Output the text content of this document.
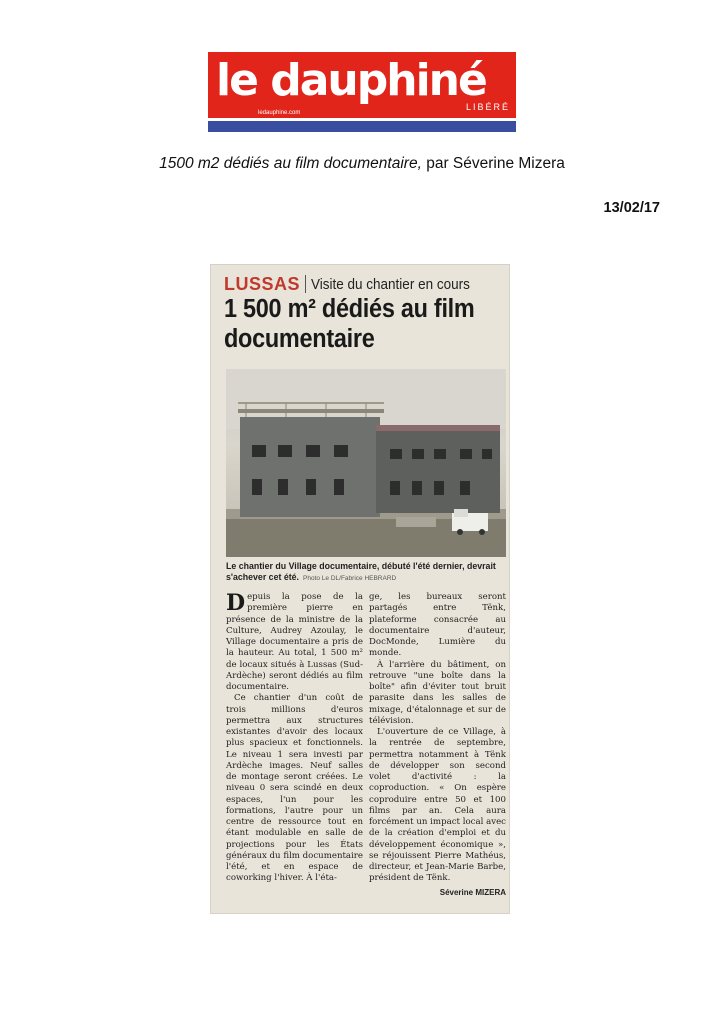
le dauphiné
LIBÉRÉ
ledauphine.com

1500 m2 dédiés au film documentaire, par Séverine Mizera

13/02/17
LUSSAS Visite du chantier en cours
1 500 m² dédiés au film documentaire

Le chantier du Village documentaire, débuté l'été dernier, devrait s'achever cet été. Photo Le DL/Fabrice HEBRARD

Depuis la pose de la première pierre en présence de la ministre de la Culture, Audrey Azoulay, le Village documentaire a pris de la hauteur. Au total, 1 500 m² de locaux situés à Lussas (Sud-Ardèche) seront dédiés au film documentaire.

Ce chantier d'un coût de trois millions d'euros permettra aux structures existantes d'avoir des locaux plus spacieux et fonctionnels. Le niveau 1 sera investi par Ardèche images. Neuf salles de montage seront créées. Le niveau 0 sera scindé en deux espaces, l'un pour les formations, l'autre pour un centre de ressource tout en étant modulable en salle de projections pour les États généraux du film documentaire l'été, et en espace de coworking l'hiver. À l'éta-

ge, les bureaux seront partagés entre Tënk, plateforme consacrée au documentaire d'auteur, DocMonde, Lumière du monde.

À l'arrière du bâtiment, on retrouve "une boîte dans la boîte" afin d'éviter tout bruit parasite dans les salles de mixage, d'étalonnage et sur de télévision.

L'ouverture de ce Village, à la rentrée de septembre, permettra notamment à Tënk de développer son second volet d'activité : la coproduction. « On espère coproduire entre 50 et 100 films par an. Cela aura forcément un impact local avec de la création d'emploi et du développement économique », se réjouissent Pierre Mathéus, directeur, et Jean-Marie Barbe, président de Tënk.

Séverine MIZERA
